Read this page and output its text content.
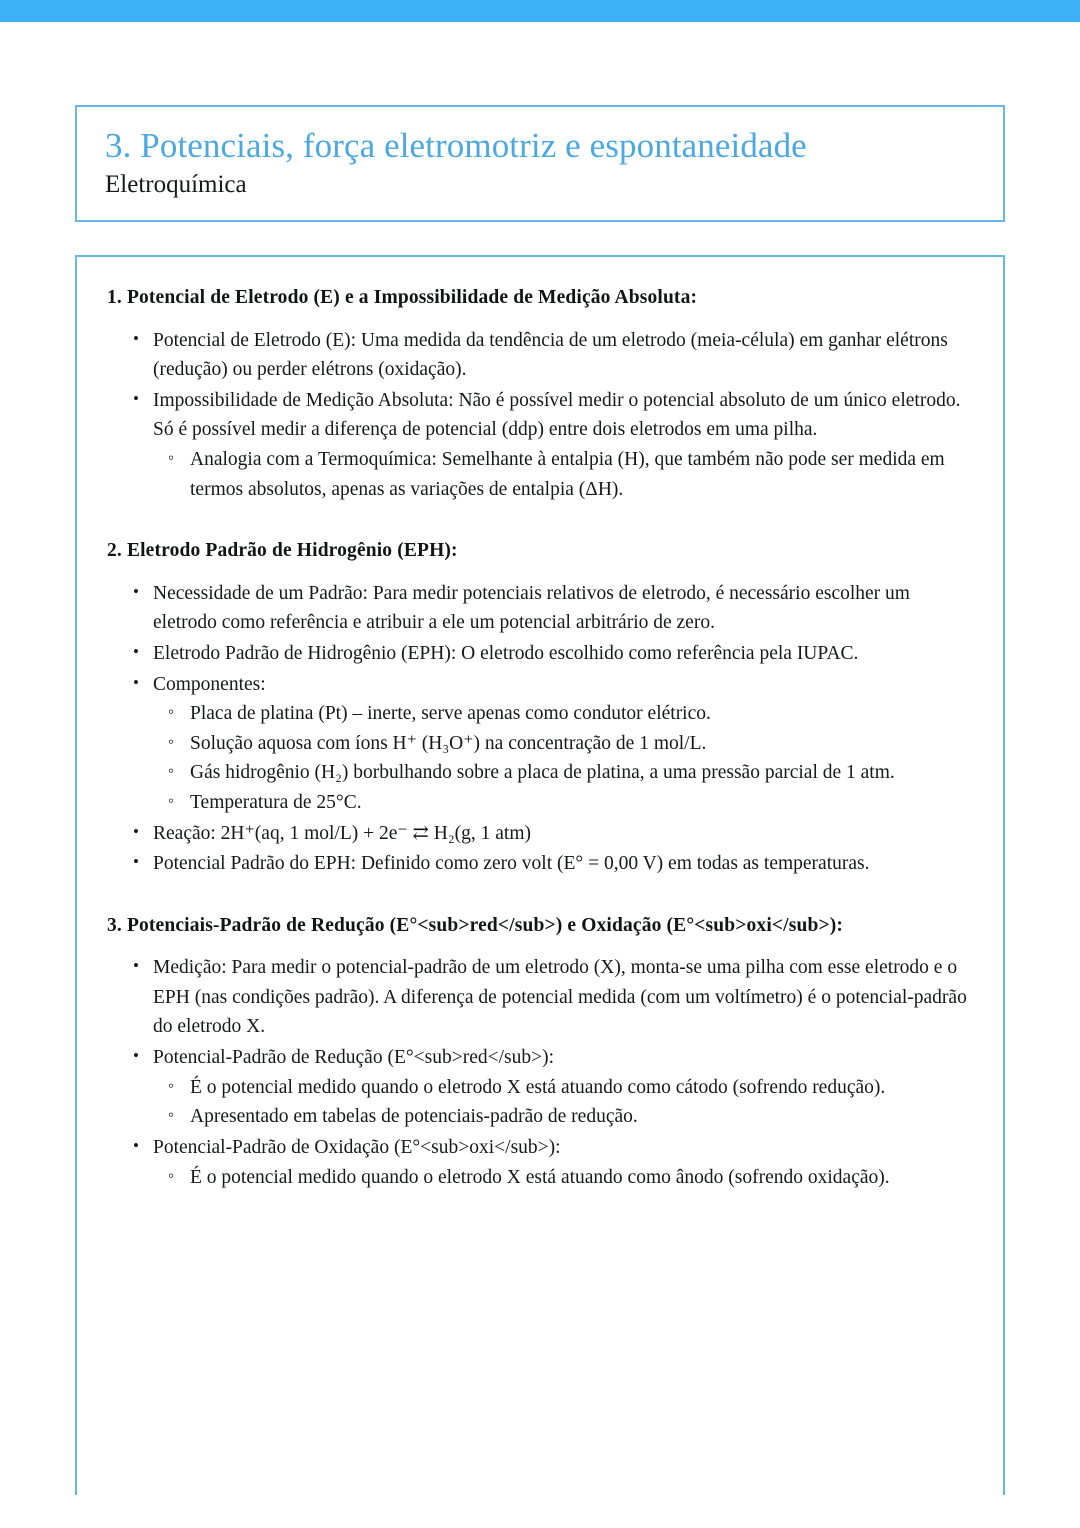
3. Potenciais, força eletromotriz e espontaneidade
Eletroquímica
1. Potencial de Eletrodo (E) e a Impossibilidade de Medição Absoluta:
• Potencial de Eletrodo (E): Uma medida da tendência de um eletrodo (meia-célula) em ganhar elétrons (redução) ou perder elétrons (oxidação).
• Impossibilidade de Medição Absoluta: Não é possível medir o potencial absoluto de um único eletrodo. Só é possível medir a diferença de potencial (ddp) entre dois eletrodos em uma pilha.
◦ Analogia com a Termoquímica: Semelhante à entalpia (H), que também não pode ser medida em termos absolutos, apenas as variações de entalpia (ΔH).
2. Eletrodo Padrão de Hidrogênio (EPH):
• Necessidade de um Padrão: Para medir potenciais relativos de eletrodo, é necessário escolher um eletrodo como referência e atribuir a ele um potencial arbitrário de zero.
• Eletrodo Padrão de Hidrogênio (EPH): O eletrodo escolhido como referência pela IUPAC.
• Componentes:
◦ Placa de platina (Pt) – inerte, serve apenas como condutor elétrico.
◦ Solução aquosa com íons H⁺ (H₃O⁺) na concentração de 1 mol/L.
◦ Gás hidrogênio (H₂) borbulhando sobre a placa de platina, a uma pressão parcial de 1 atm.
◦ Temperatura de 25°C.
• Reação: 2H⁺(aq, 1 mol/L) + 2e⁻ ⇄ H₂(g, 1 atm)
• Potencial Padrão do EPH: Definido como zero volt (E° = 0,00 V) em todas as temperaturas.
3. Potenciais-Padrão de Redução (E°<sub>red</sub>) e Oxidação (E°<sub>oxi</sub>):
• Medição: Para medir o potencial-padrão de um eletrodo (X), monta-se uma pilha com esse eletrodo e o EPH (nas condições padrão). A diferença de potencial medida (com um voltímetro) é o potencial-padrão do eletrodo X.
• Potencial-Padrão de Redução (E°<sub>red</sub>):
◦ É o potencial medido quando o eletrodo X está atuando como cátodo (sofrendo redução).
◦ Apresentado em tabelas de potenciais-padrão de redução.
• Potencial-Padrão de Oxidação (E°<sub>oxi</sub>):
◦ É o potencial medido quando o eletrodo X está atuando como ânodo (sofrendo oxidação).
